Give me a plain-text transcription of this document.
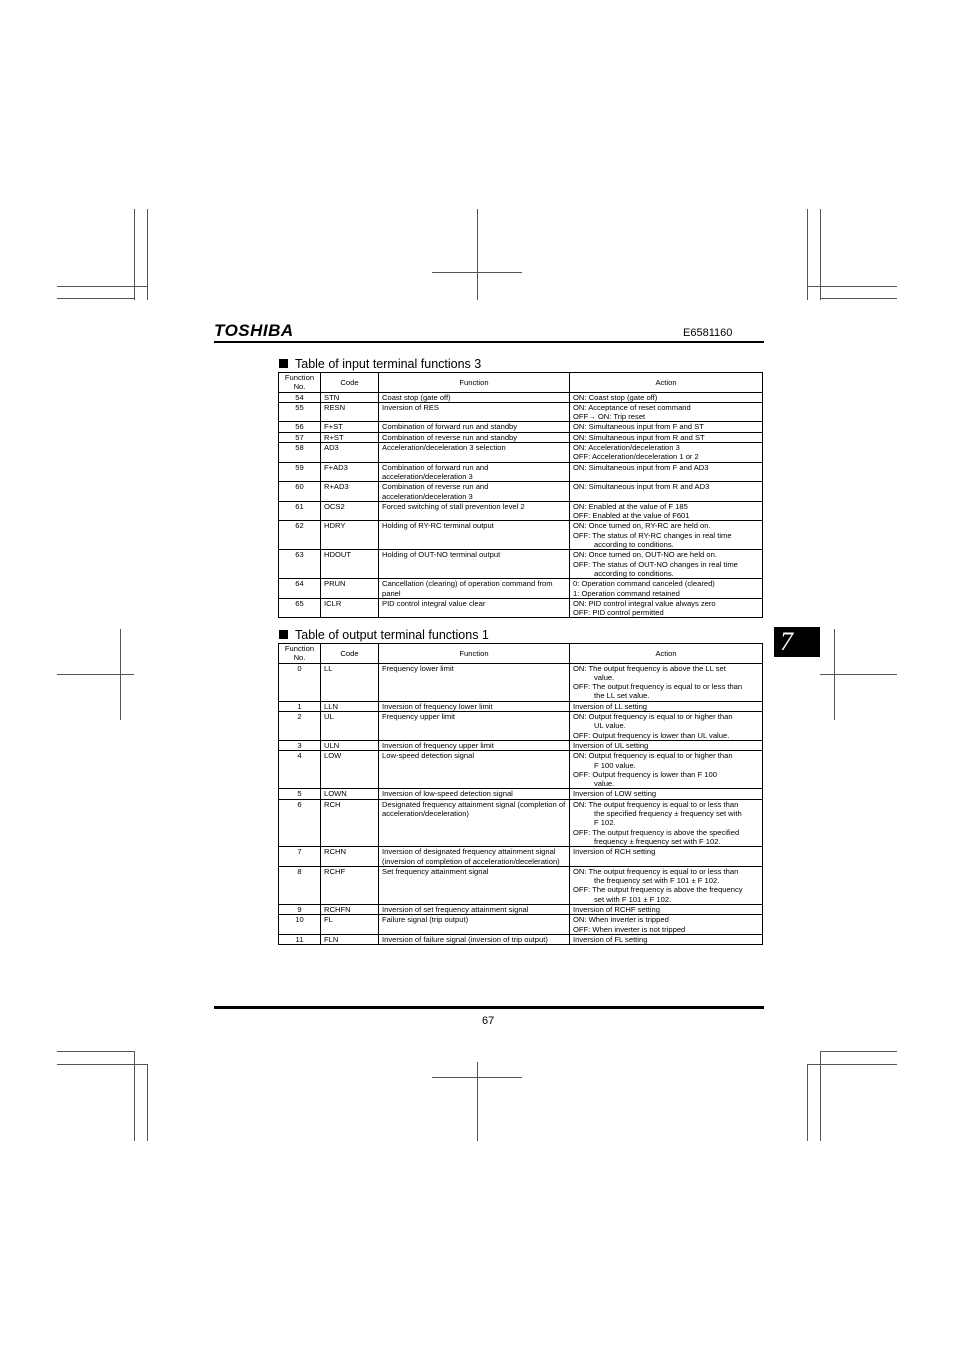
TOSHIBA	E6581160
7
Table of input terminal functions 3
Function No.	Code	Function	Action
54	STN	Coast stop (gate off)	ON: Coast stop (gate off)

55	RESN	Inversion of RES	ON: Acceptance of reset command
OFF→ ON: Trip reset

56	F+ST	Combination of forward run and standby	ON: Simultaneous input from F and ST

57	R+ST	Combination of reverse run and standby	ON: Simultaneous input from R and ST

58	AD3	Acceleration/deceleration 3 selection	ON: Acceleration/deceleration 3
OFF: Acceleration/deceleration 1 or 2

59	F+AD3	Combination of forward run and acceleration/deceleration 3	ON: Simultaneous input from F and AD3

60	R+AD3	Combination of reverse run and acceleration/deceleration 3	ON: Simultaneous input from R and AD3

61	OCS2	Forced switching of stall prevention level 2	ON: Enabled at the value of F 185
OFF: Enabled at the value of F601

62	HDRY	Holding of RY-RC terminal output	ON: Once turned on, RY-RC are held on.
OFF: The status of RY-RC changes in real time
according to conditions.

63	HDOUT	Holding of OUT-NO terminal output	ON: Once turned on, OUT-NO are held on.
OFF: The status of OUT-NO changes in real time
according to conditions.

64	PRUN	Cancellation (clearing) of operation command from panel	0: Operation command canceled (cleared)
1: Operation command retained

65	ICLR	PID control integral value clear	ON: PID control integral value always zero
OFF: PID control permitted
Table of output terminal functions 1
Function No.	Code	Function	Action
0	LL	Frequency lower limit	ON: The output frequency is above the LL set
value.
OFF: The output frequency is equal to or less than
the LL set value.

1	LLN	Inversion of frequency lower limit	Inversion of LL setting

2	UL	Frequency upper limit	ON: Output frequency is equal to or higher than
UL value.
OFF: Output frequency is lower than UL value.

3	ULN	Inversion of frequency upper limit	Inversion of UL setting

4	LOW	Low-speed detection signal	ON: Output frequency is equal to or higher than
F 100 value.
OFF: Output frequency is lower than F 100
value.

5	LOWN	Inversion of low-speed detection signal	Inversion of LOW setting

6	RCH	Designated frequency attainment signal (completion of acceleration/deceleration)	ON: The output frequency is equal to or less than
the specified frequency ± frequency set with
F 102.
OFF: The output frequency is above the specified
frequency ± frequency set with F 102.

7	RCHN	Inversion of designated frequency attainment signal (inversion of completion of acceleration/deceleration)	Inversion of RCH setting

8	RCHF	Set frequency attainment signal	ON: The output frequency is equal to or less than
the frequency set with F 101 ± F 102.
OFF: The output frequency is above the frequency
set with F 101 ± F 102.

9	RCHFN	Inversion of set frequency attainment signal	Inversion of RCHF setting

10	FL	Failure signal (trip output)	ON: When inverter is tripped
OFF: When inverter is not tripped

11	FLN	Inversion of failure signal (inversion of trip output)	Inversion of FL setting
67
